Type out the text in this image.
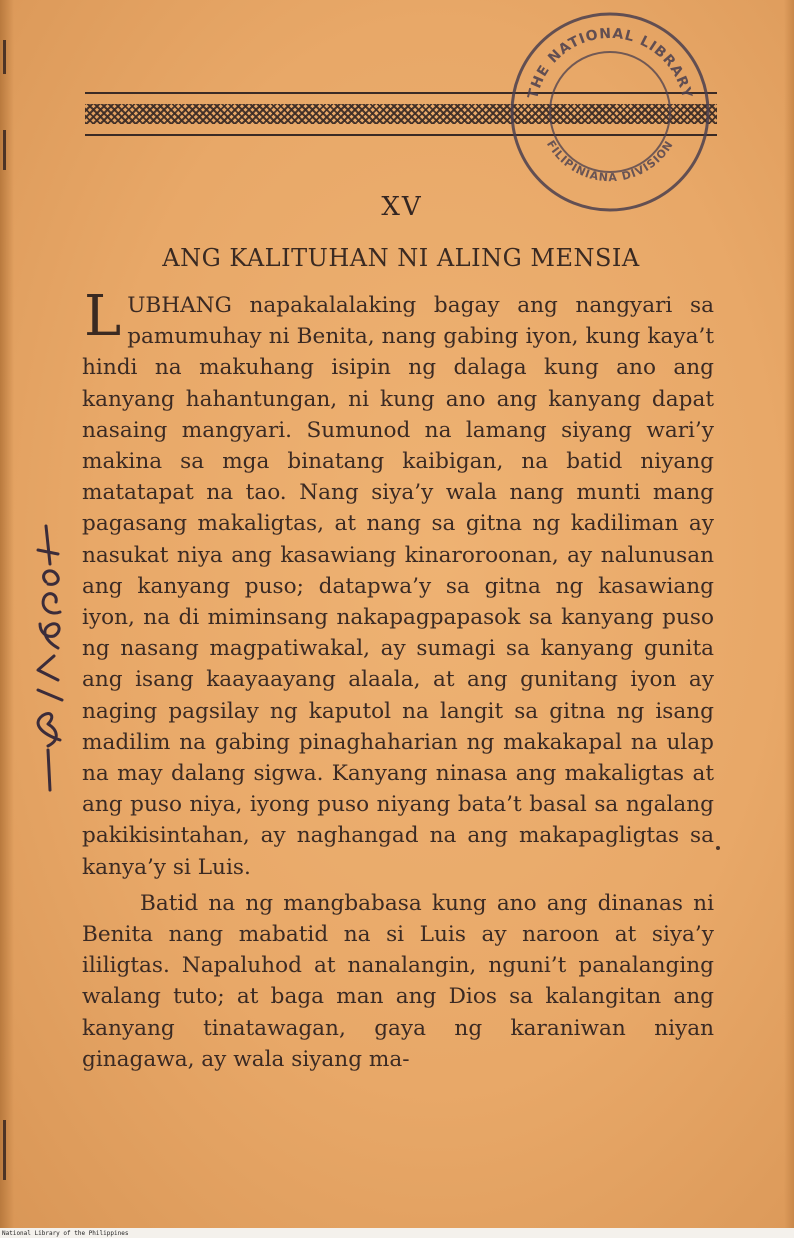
THE NATIONAL LIBRARY
FILIPINIANA DIVISION
XV
ANG KALITUHAN NI ALING MENSIA

LUBHANG napakalalaking bagay ang nangyari sa pamumuhay ni Benita, nang gabing iyon, kung kaya’t hindi na makuhang isipin ng dalaga kung ano ang kanyang hahantungan, ni kung ano ang kanyang dapat nasaing mangyari. Sumunod na lamang siyang wari’y makina sa mga binatang kaibigan, na batid niyang matatapat na tao. Nang siya’y wala nang munti mang pagasang makaligtas, at nang sa gitna ng kadiliman ay nasukat niya ang kasawiang kinaroroonan, ay nalunusan ang kanyang puso; datapwa’y sa gitna ng kasawiang iyon, na di miminsang nakapagpapasok sa kanyang puso ng nasang magpatiwakal, ay sumagi sa kanyang gunita ang isang kaayaayang alaala, at ang gunitang iyon ay naging pagsilay ng kaputol na langit sa gitna ng isang madilim na gabing pinaghaharian ng makakapal na ulap na may dalang sigwa. Kanyang ninasa ang makaligtas at ang puso niya, iyong puso niyang bata’t basal sa ngalang pakikisintahan, ay naghangad na ang makapagligtas sa kanya’y si Luis.

Batid na ng mangbabasa kung ano ang dinanas ni Benita nang mabatid na si Luis ay naroon at siya’y ililigtas. Napaluhod at nanalangin, nguni’t panalanging walang tuto; at baga man ang Dios sa kalangitan ang kanyang tinatawagan, gaya ng karaniwan niyan ginagawa, ay wala siyang ma-

National Library of the Philippines
